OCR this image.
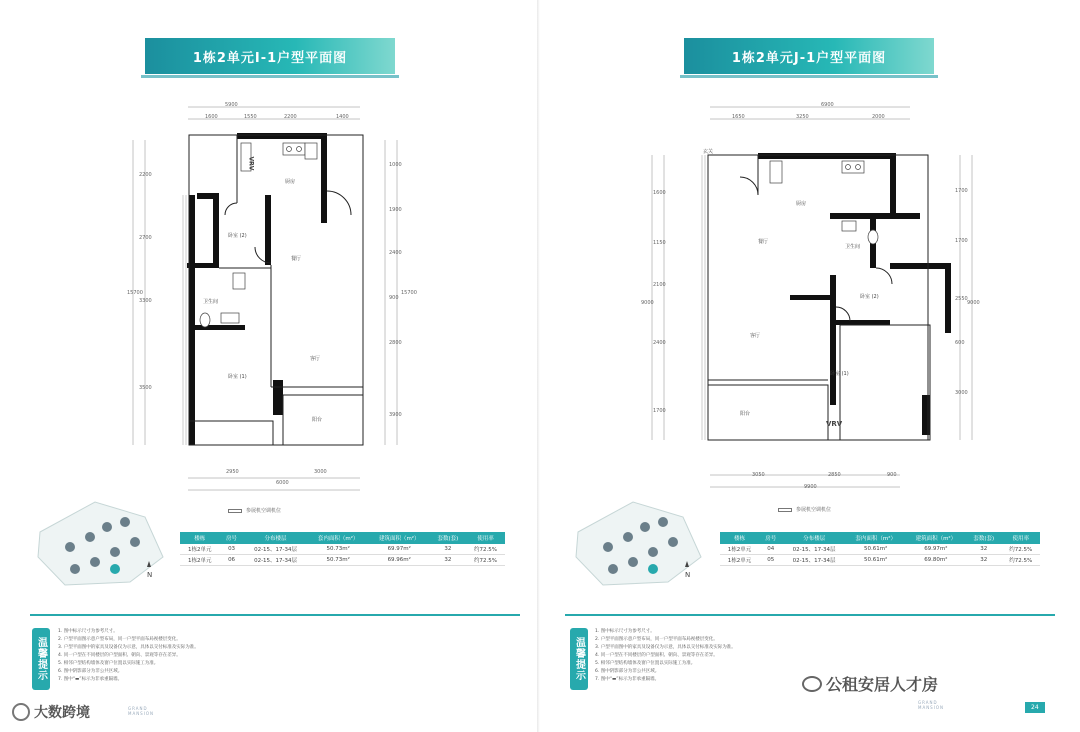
1栋2单元I-1户型平面图
5900
1600	1550	2200	1400
2950	3000
6000
2200
2700
3300
3500
15700
1000
2400
1900
900
2800
3900
15700
厨房
卧室 (2)
餐厅
卫生间
客厅
卧室 (1)
阳台
VRV
参展机空调机位
N
楼栋	房号	分布楼层	套内面积（m²）	建筑面积（m²）	套数(套)	使用率
1栋2单元	03	02-15、17-34层	50.73m²	69.97m²	32	约72.5%
1栋2单元	06	02-15、17-34层	50.73m²	69.96m²	32	约72.5%
温馨提示
1. 图中标示尺寸为参考尺寸。
2. 户型平面图示意户型布局，同一户型平面布局视楼层变化。
3. 户型平面图中的家具及设备仅为示意，具体以交付标准及实际为准。
4. 同一户型在不同楼层的户型面积、朝向、景观等存在差异。
5. 相邻户型结构墙体及窗户位置以实际施工为准。
6. 图中阴影部分为非公共区域。
7. 图中“▬”标示为非承重隔墙。
大数跨境	GRAND
MANSION
1栋2单元J-1户型平面图
6900
1650	3250	2000
3050	2850	900
9900
1600
1150
2100
2400
1700
9000
1700
1700
2550
600
3000
9000
玄关
厨房
卫生间
餐厅
卧室 (2)
客厅
卧室 (1)
阳台
VRV
参展机空调机位
N
楼栋	房号	分布楼层	套内面积（m²）	建筑面积（m²）	套数(套)	使用率
1栋2单元	04	02-15、17-34层	50.61m²	69.97m²	32	约72.5%
1栋2单元	05	02-15、17-34层	50.61m²	69.80m²	32	约72.5%
温馨提示
1. 图中标示尺寸为参考尺寸。
2. 户型平面图示意户型布局，同一户型平面布局视楼层变化。
3. 户型平面图中的家具及设备仅为示意，具体以交付标准及实际为准。
4. 同一户型在不同楼层的户型面积、朝向、景观等存在差异。
5. 相邻户型结构墙体及窗户位置以实际施工为准。
6. 图中阴影部分为非公共区域。
7. 图中“▬”标示为非承重隔墙。	公租安居人才房
GRAND
MANSION	24
